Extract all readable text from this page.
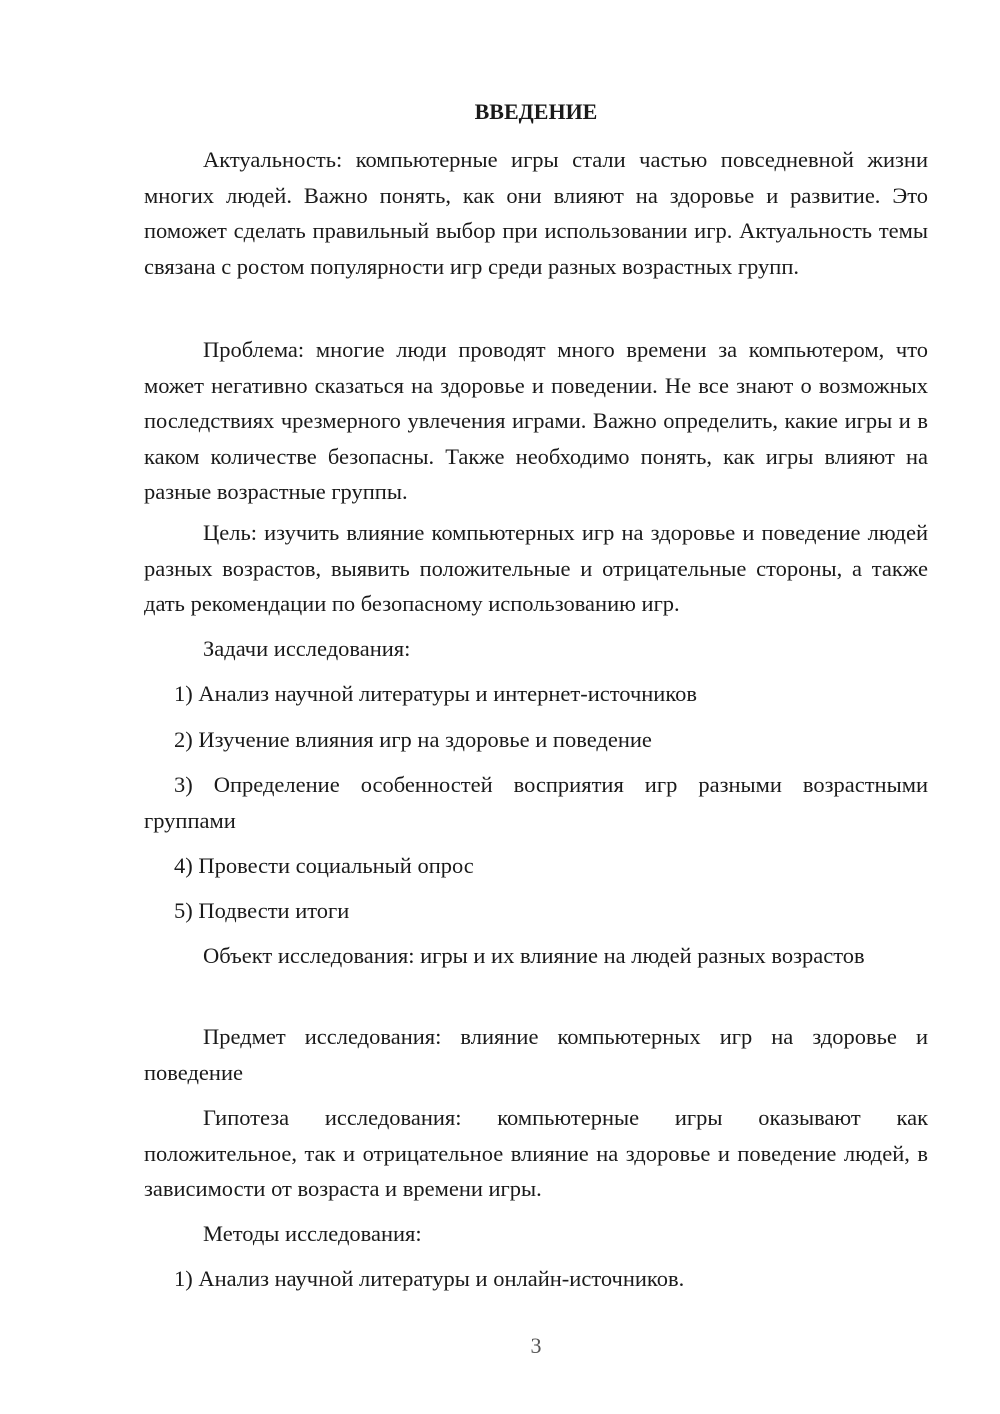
ВВЕДЕНИЕ

Актуальность: компьютерные игры стали частью повседневной жизни многих людей. Важно понять, как они влияют на здоровье и развитие. Это поможет сделать правильный выбор при использовании игр. Актуальность темы связана с ростом популярности игр среди разных возрастных групп.

Проблема: многие люди проводят много времени за компьютером, что может негативно сказаться на здоровье и поведении. Не все знают о возможных последствиях чрезмерного увлечения играми. Важно определить, какие игры и в каком количестве безопасны. Также необходимо понять, как игры влияют на разные возрастные группы.

Цель: изучить влияние компьютерных игр на здоровье и поведение людей разных возрастов, выявить положительные и отрицательные стороны, а также дать рекомендации по безопасному использованию игр.

Задачи исследования:

1) Анализ научной литературы и интернет-источников

2) Изучение влияния игр на здоровье и поведение

3) Определение особенностей восприятия игр разными возрастными группами

4) Провести социальный опрос

5) Подвести итоги

Объект исследования: игры и их влияние на людей разных возрастов

Предмет исследования: влияние компьютерных игр на здоровье и поведение

Гипотеза исследования: компьютерные игры оказывают как положительное, так и отрицательное влияние на здоровье и поведение людей, в зависимости от возраста и времени игры.

Методы исследования:

1) Анализ научной литературы и онлайн-источников.

3
